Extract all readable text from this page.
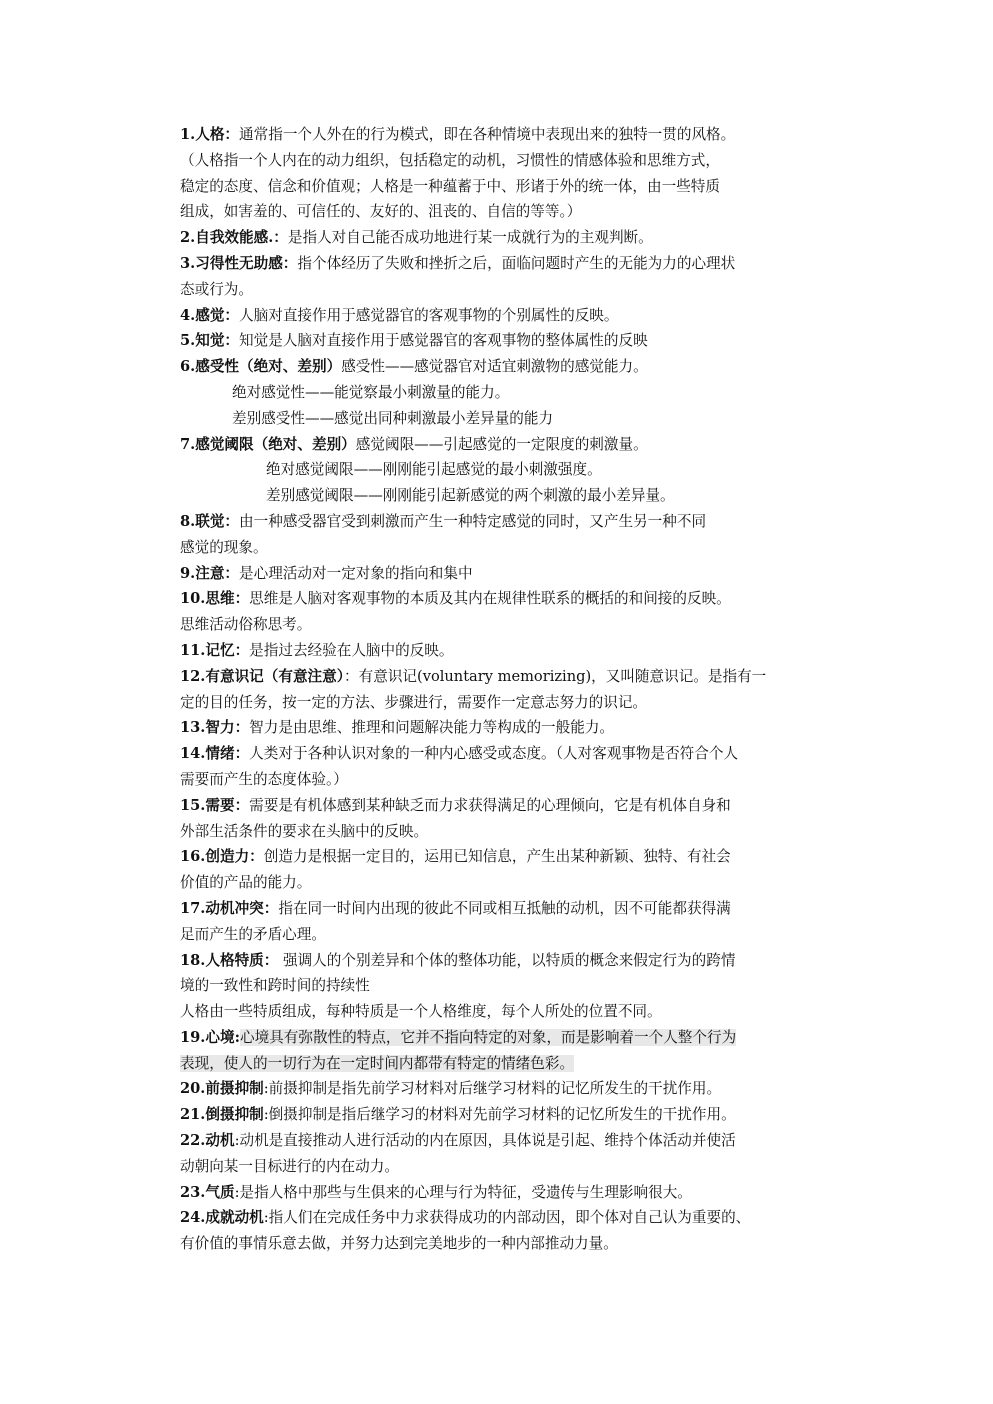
1.人格：通常指一个人外在的行为模式，即在各种情境中表现出来的独特一贯的风格。
（人格指一个人内在的动力组织，包括稳定的动机，习惯性的情感体验和思维方式，
稳定的态度、信念和价值观；人格是一种蕴蓄于中、形诸于外的统一体，由一些特质
组成，如害羞的、可信任的、友好的、沮丧的、自信的等等。）
2.自我效能感.：是指人对自己能否成功地进行某一成就行为的主观判断。
3.习得性无助感：指个体经历了失败和挫折之后，面临问题时产生的无能为力的心理状
态或行为。
4.感觉：人脑对直接作用于感觉器官的客观事物的个别属性的反映。
5.知觉：知觉是人脑对直接作用于感觉器官的客观事物的整体属性的反映
6.感受性（绝对、差别）感受性——感觉器官对适宜刺激物的感觉能力。
绝对感觉性——能觉察最小刺激量的能力。
差别感受性——感觉出同种刺激最小差异量的能力
7.感觉阈限（绝对、差别）感觉阈限——引起感觉的一定限度的刺激量。
绝对感觉阈限——刚刚能引起感觉的最小刺激强度。
差别感觉阈限——刚刚能引起新感觉的两个刺激的最小差异量。
8.联觉：由一种感受器官受到刺激而产生一种特定感觉的同时，又产生另一种不同
感觉的现象。
9.注意：是心理活动对一定对象的指向和集中
10.思维：思维是人脑对客观事物的本质及其内在规律性联系的概括的和间接的反映。
思维活动俗称思考。
11.记忆：是指过去经验在人脑中的反映。
12.有意识记（有意注意）：有意识记(voluntary memorizing)，又叫随意识记。是指有一
定的目的任务，按一定的方法、步骤进行，需要作一定意志努力的识记。
13.智力：智力是由思维、推理和问题解决能力等构成的一般能力。
14.情绪：人类对于各种认识对象的一种内心感受或态度。（人对客观事物是否符合个人
需要而产生的态度体验。）
15.需要：需要是有机体感到某种缺乏而力求获得满足的心理倾向，它是有机体自身和
外部生活条件的要求在头脑中的反映。
16.创造力：创造力是根据一定目的，运用已知信息，产生出某种新颖、独特、有社会
价值的产品的能力。
17.动机冲突：指在同一时间内出现的彼此不同或相互抵触的动机，因不可能都获得满
足而产生的矛盾心理。
18.人格特质： 强调人的个别差异和个体的整体功能，以特质的概念来假定行为的跨情
境的一致性和跨时间的持续性
人格由一些特质组成，每种特质是一个人格维度，每个人所处的位置不同。
19.心境:心境具有弥散性的特点，它并不指向特定的对象，而是影响着一个人整个行为
表现，使人的一切行为在一定时间内都带有特定的情绪色彩。
20.前摄抑制:前摄抑制是指先前学习材料对后继学习材料的记忆所发生的干扰作用。
21.倒摄抑制:倒摄抑制是指后继学习的材料对先前学习材料的记忆所发生的干扰作用。
22.动机:动机是直接推动人进行活动的内在原因，具体说是引起、维持个体活动并使活
动朝向某一目标进行的内在动力。
23.气质:是指人格中那些与生俱来的心理与行为特征，受遗传与生理影响很大。
24.成就动机:指人们在完成任务中力求获得成功的内部动因，即个体对自己认为重要的、
有价值的事情乐意去做，并努力达到完美地步的一种内部推动力量。
